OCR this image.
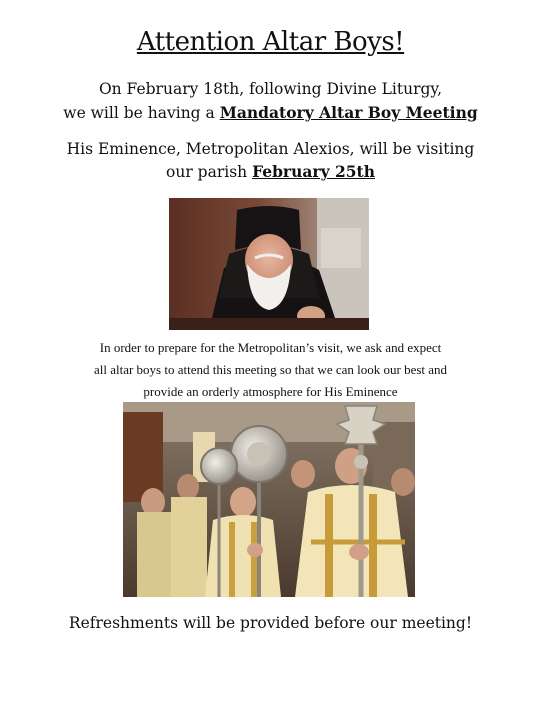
Attention Altar Boys!
On February 18th, following Divine Liturgy,
we will be having a Mandatory Altar Boy Meeting
His Eminence, Metropolitan Alexios, will be visiting
our parish February 25th
In order to prepare for the Metropolitan’s visit, we ask and expect
all altar boys to attend this meeting so that we can look our best and
provide an orderly atmosphere for His Eminence
Refreshments will be provided before our meeting!
